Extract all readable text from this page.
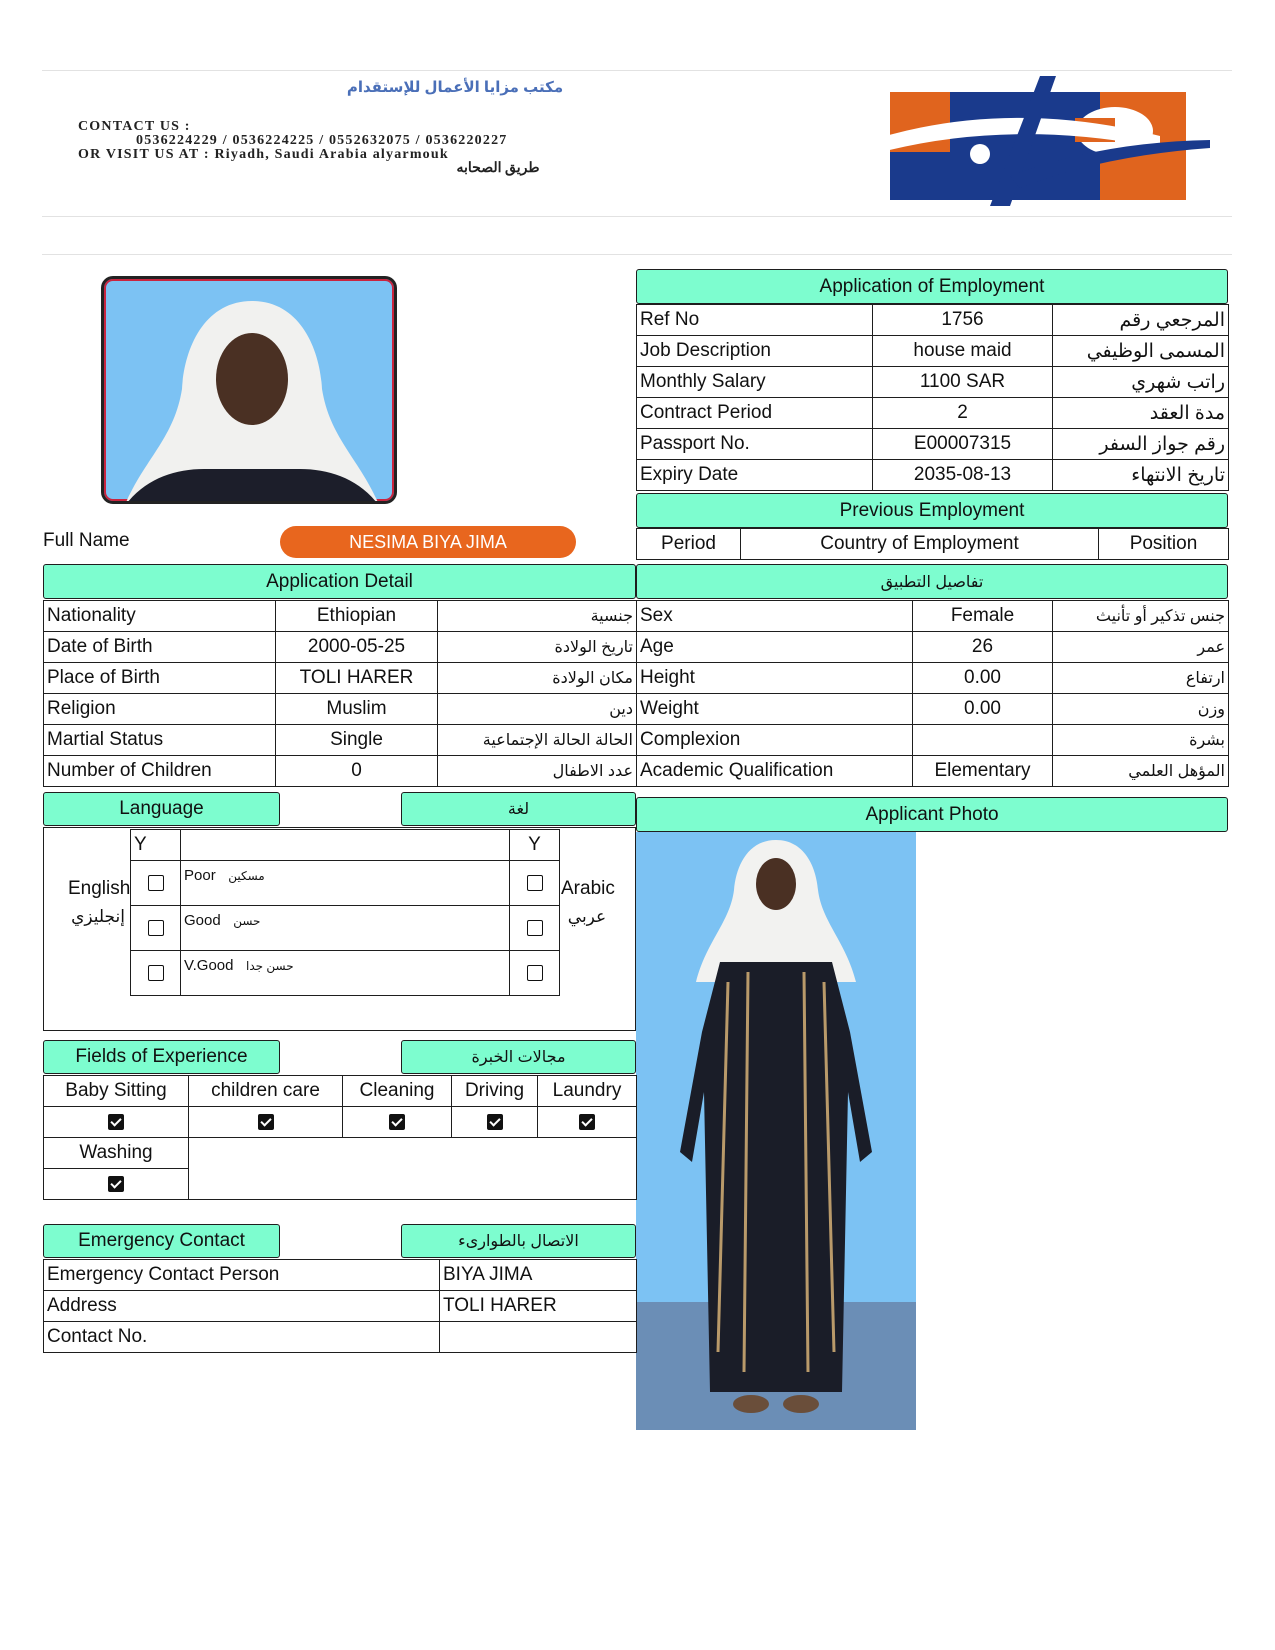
مكتب مزايا الأعمال للإستقدام
CONTACT US :
0536224229 / 0536224225 / 0552632075 / 0536220227
OR VISIT US AT : Riyadh, Saudi Arabia alyarmouk
طريق الصحابه
Full Name	NESIMA BIYA JIMA
Application of Employment
Ref No	1756	المرجعي رقم
Job Description	house maid	المسمى الوظيفي
Monthly Salary	1100 SAR	راتب شهري
Contract Period	2	مدة العقد
Passport No.	E00007315	رقم جواز السفر
Expiry Date	2035-08-13	تاريخ الانتهاء
Previous Employment
Period	Country of Employment	Position
Application Detail	تفاصيل التطبيق
Nationality	Ethiopian	جنسية
Date of Birth	2000-05-25	تاريخ الولادة
Place of Birth	TOLI HARER	مكان الولادة
Religion	Muslim	دين
Martial Status	Single	الحالة الحالة الإجتماعية
Number of Children	0	عدد الاطفال
Sex	Female	جنس تذكير أو تأنيث
Age	26	عمر
Height	0.00	ارتفاع
Weight	0.00	وزن
Complexion		بشرة
Academic Qualification	Elementary	المؤهل العلمي
Language	لغة
English
إنجليزي
Arabic
عربي
Y		Y
	Poor مسكين	
	Good حسن	
	V.Good حسن جدا	
Applicant Photo
Fields of Experience	مجالات الخبرة
Baby Sitting	children care	Cleaning	Driving	Laundry

Washing				

Emergency Contact	الاتصال بالطوارىء
Emergency Contact Person	BIYA JIMA
Address	TOLI HARER
Contact No.	
